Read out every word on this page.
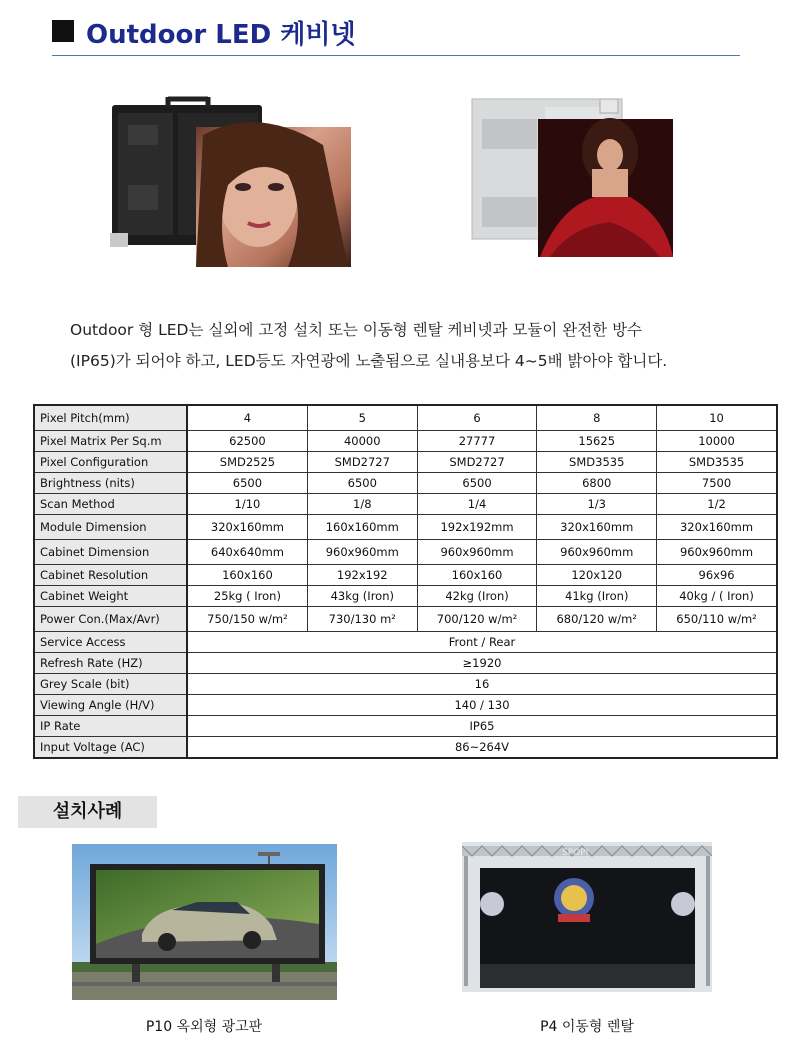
Outdoor LED 케비넷

Outdoor 형 LED는 실외에 고정 설치 또는 이동형 렌탈 케비넷과 모듈이 완전한 방수

(IP65)가 되어야 하고, LED등도 자연광에 노출됨으로 실내용보다 4~5배 밝아야 합니다.

Pixel Pitch(mm)	4	5	6	8	10
Pixel Matrix Per Sq.m	62500	40000	27777	15625	10000
Pixel Configuration	SMD2525	SMD2727	SMD2727	SMD3535	SMD3535
Brightness (nits)	6500	6500	6500	6800	7500
Scan Method	1/10	1/8	1/4	1/3	1/2
Module Dimension	320x160mm	160x160mm	192x192mm	320x160mm	320x160mm
Cabinet Dimension	640x640mm	960x960mm	960x960mm	960x960mm	960x960mm
Cabinet Resolution	160x160	192x192	160x160	120x120	96x96
Cabinet Weight	25kg ( Iron)	43kg (Iron)	42kg (Iron)	41kg (Iron)	40kg / ( Iron)
Power Con.(Max/Avr)	750/150 w/m²	730/130 m²	700/120 w/m²	680/120 w/m²	650/110 w/m²
Service Access	Front / Rear				
Refresh Rate (HZ)	≥1920				
Grey Scale (bit)	16				
Viewing Angle (H/V)	140 / 130				
IP Rate	IP65				
Input Voltage (AC)	86~264V				
설치사례
SPOPI
P10 옥외형 광고판	P4 이동형 렌탈
